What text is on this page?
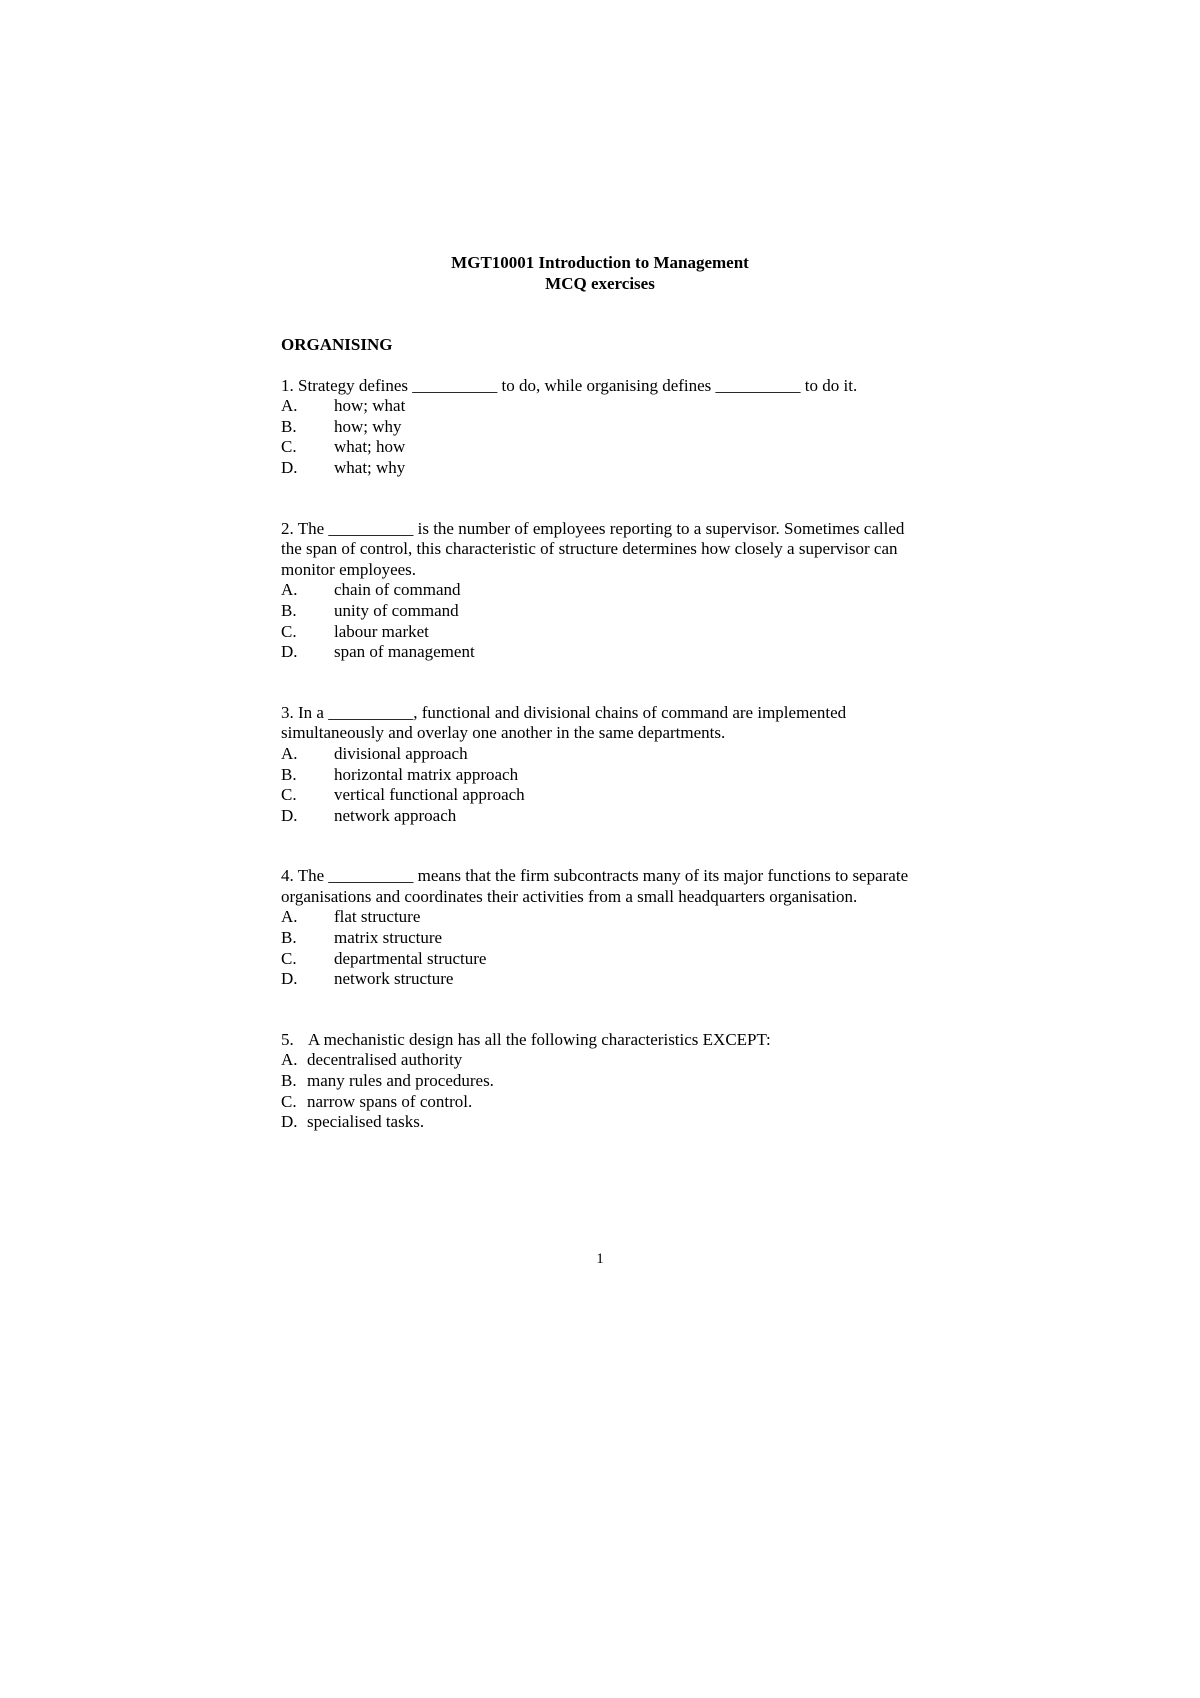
MGT10001 Introduction to Management
MCQ exercises
ORGANISING

1. Strategy defines __________ to do, while organising defines __________ to do it.

A.	how; what
B.	how; why
C.	what; how
D.	what; why

2. The __________ is the number of employees reporting to a supervisor. Sometimes called the span of control, this characteristic of structure determines how closely a supervisor can monitor employees.

A.	chain of command
B.	unity of command
C.	labour market
D.	span of management

3. In a __________, functional and divisional chains of command are implemented simultaneously and overlay one another in the same departments.

A.	divisional approach
B.	horizontal matrix approach
C.	vertical functional approach
D.	network approach

4. The __________ means that the firm subcontracts many of its major functions to separate organisations and coordinates their activities from a small headquarters organisation.

A.	flat structure
B.	matrix structure
C.	departmental structure
D.	network structure

5. A mechanistic design has all the following characteristics EXCEPT:

A. decentralised authority
B. many rules and procedures.
C. narrow spans of control.
D. specialised tasks.
1
